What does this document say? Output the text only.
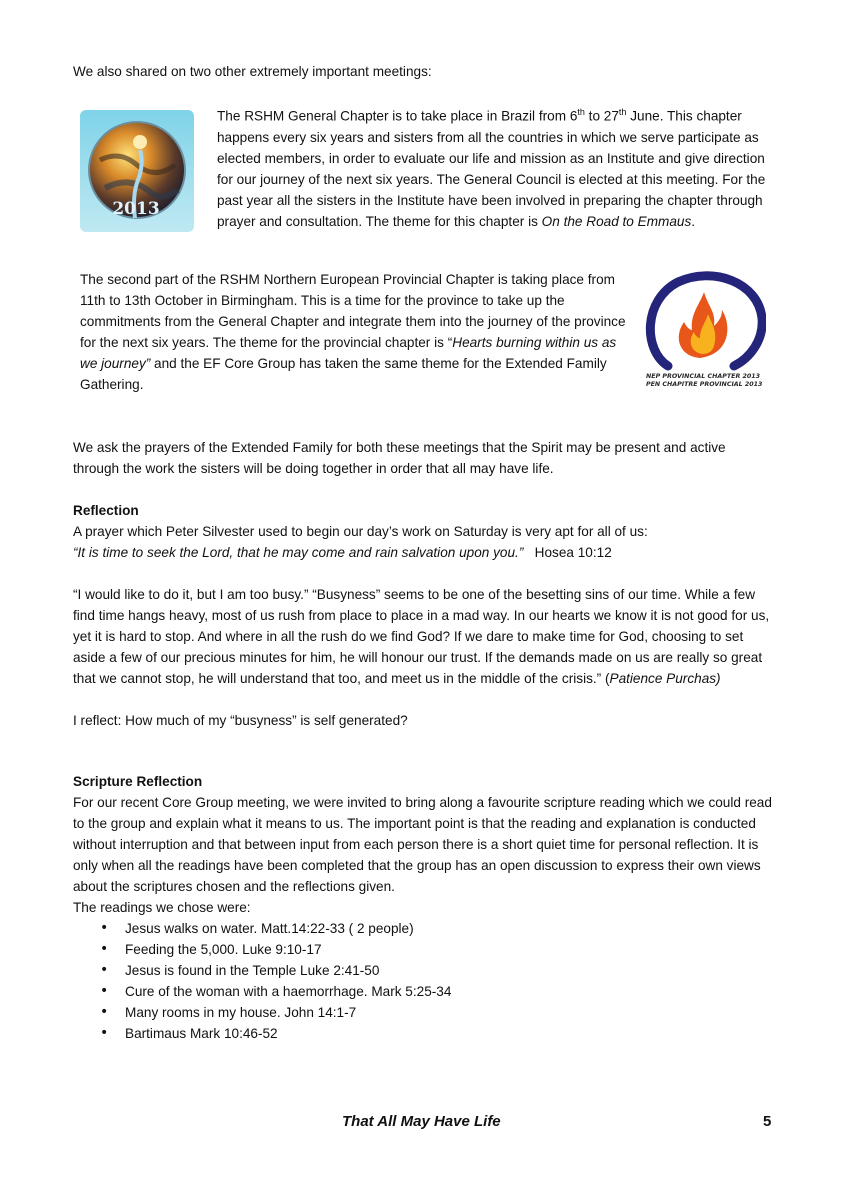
We also shared on two other extremely important meetings:

2013

The RSHM General Chapter is to take place in Brazil from 6th to 27th June. This chapter happens every six years and sisters from all the countries in which we serve participate as elected members, in order to evaluate our life and mission as an Institute and give direction for our journey of the next six years. The General Council is elected at this meeting. For the past year all the sisters in the Institute have been involved in preparing the chapter through prayer and consultation. The theme for this chapter is On the Road to Emmaus.

The second part of the RSHM Northern European Provincial Chapter is taking place from 11th to 13th October in Birmingham. This is a time for the province to take up the commitments from the General Chapter and integrate them into the journey of the province for the next six years. The theme for the provincial chapter is “Hearts burning within us as we journey” and the EF Core Group has taken the same theme for the Extended Family Gathering.

NEP PROVINCIAL CHAPTER 2013
PEN CHAPITRE PROVINCIAL 2013

We ask the prayers of the Extended Family for both these meetings that the Spirit may be present and active through the work the sisters will be doing together in order that all may have life.

Reflection

A prayer which Peter Silvester used to begin our day’s work on Saturday is very apt for all of us:

“It is time to seek the Lord, that he may come and rain salvation upon you.”   Hosea 10:12

“I would like to do it, but I am too busy.” “Busyness” seems to be one of the besetting sins of our time. While a few find time hangs heavy, most of us rush from place to place in a mad way. In our hearts we know it is not good for us, yet it is hard to stop. And where in all the rush do we find God? If we dare to make time for God, choosing to set aside a few of our precious minutes for him, he will honour our trust. If the demands made on us are really so great that we cannot stop, he will understand that too, and meet us in the middle of the crisis.” (Patience Purchas)

I reflect: How much of my “busyness” is self generated?

Scripture Reflection

For our recent Core Group meeting, we were invited to bring along a favourite scripture reading which we could read to the group and explain what it means to us. The important point is that the reading and explanation is conducted without interruption and that between input from each person there is a short quiet time for personal reflection. It is only when all the readings have been completed that the group has an open discussion to express their own views about the scriptures chosen and the reflections given.

The readings we chose were:

• Jesus walks on water. Matt.14:22-33 ( 2 people)
• Feeding the 5,000. Luke 9:10-17
• Jesus is found in the Temple Luke 2:41-50
• Cure of the woman with a haemorrhage. Mark 5:25-34
• Many rooms in my house. John 14:1-7
• Bartimaus Mark 10:46-52
That All May Have Life	5
